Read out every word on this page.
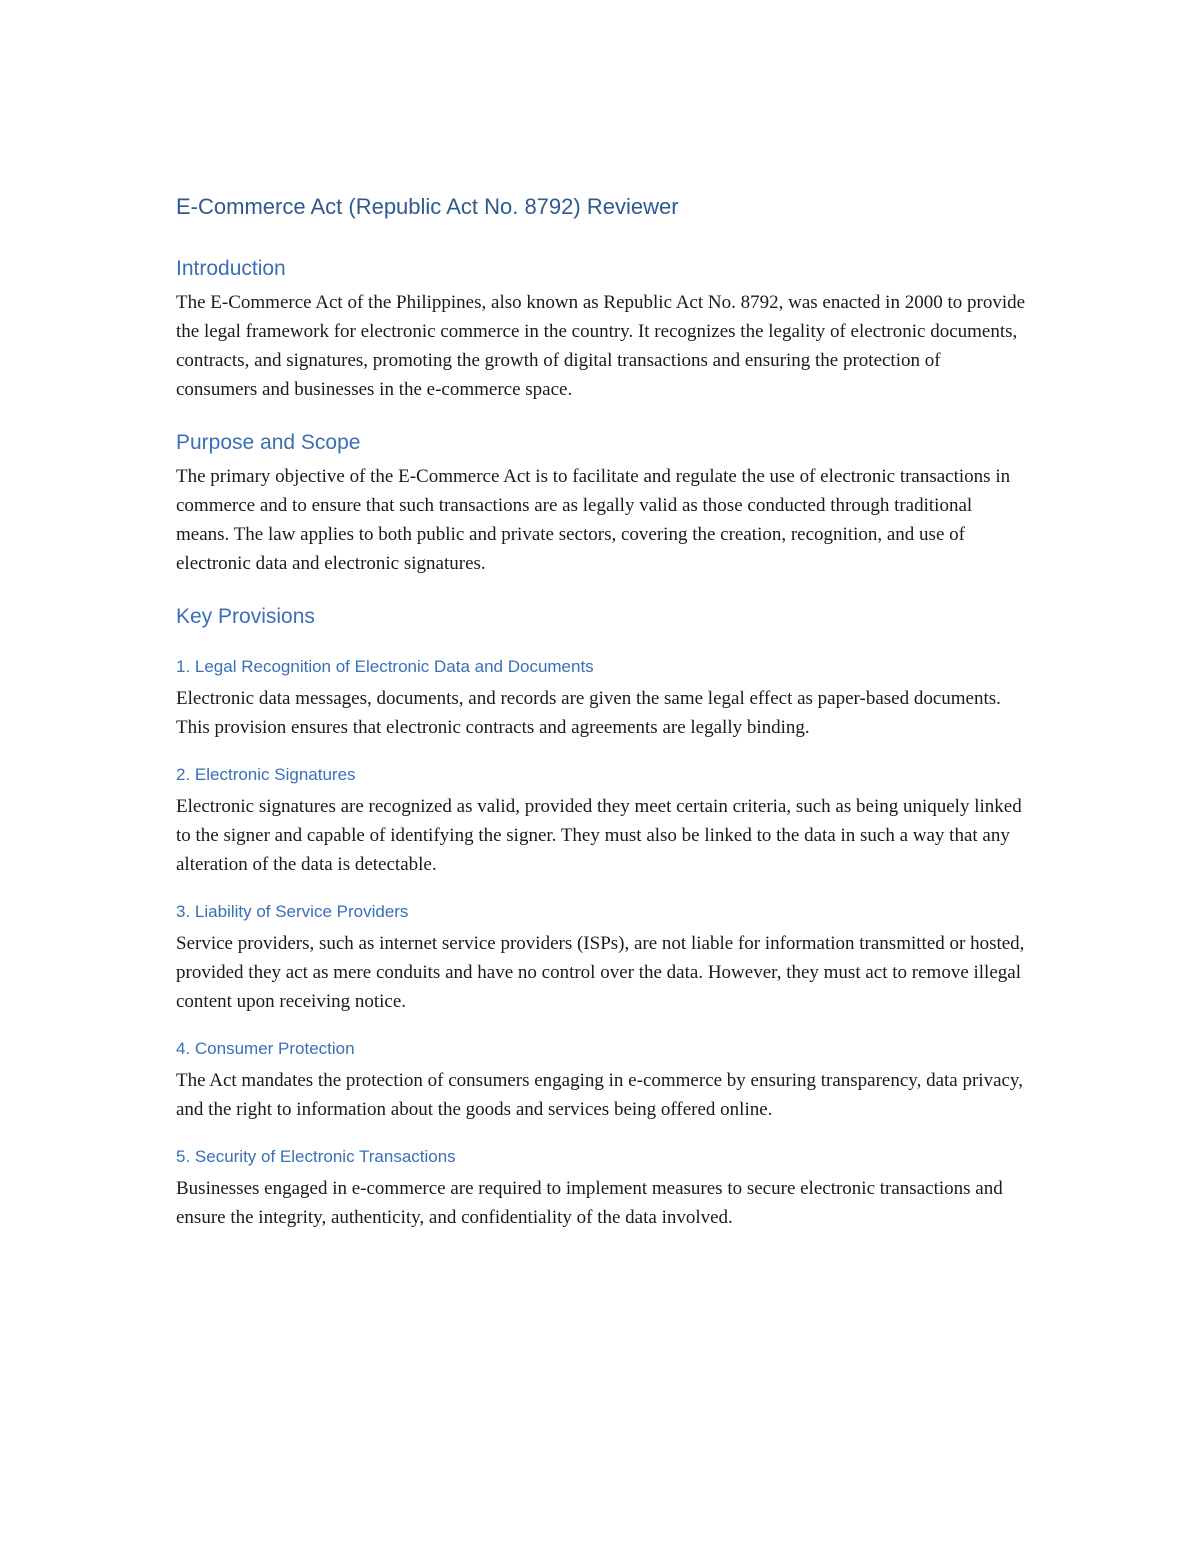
E-Commerce Act (Republic Act No. 8792) Reviewer
Introduction

The E-Commerce Act of the Philippines, also known as Republic Act No. 8792, was enacted in 2000 to provide the legal framework for electronic commerce in the country. It recognizes the legality of electronic documents, contracts, and signatures, promoting the growth of digital transactions and ensuring the protection of consumers and businesses in the e-commerce space.

Purpose and Scope

The primary objective of the E-Commerce Act is to facilitate and regulate the use of electronic transactions in commerce and to ensure that such transactions are as legally valid as those conducted through traditional means. The law applies to both public and private sectors, covering the creation, recognition, and use of electronic data and electronic signatures.

Key Provisions
1. Legal Recognition of Electronic Data and Documents

Electronic data messages, documents, and records are given the same legal effect as paper-based documents. This provision ensures that electronic contracts and agreements are legally binding.

2. Electronic Signatures

Electronic signatures are recognized as valid, provided they meet certain criteria, such as being uniquely linked to the signer and capable of identifying the signer. They must also be linked to the data in such a way that any alteration of the data is detectable.

3. Liability of Service Providers

Service providers, such as internet service providers (ISPs), are not liable for information transmitted or hosted, provided they act as mere conduits and have no control over the data. However, they must act to remove illegal content upon receiving notice.

4. Consumer Protection

The Act mandates the protection of consumers engaging in e-commerce by ensuring transparency, data privacy, and the right to information about the goods and services being offered online.

5. Security of Electronic Transactions

Businesses engaged in e-commerce are required to implement measures to secure electronic transactions and ensure the integrity, authenticity, and confidentiality of the data involved.
